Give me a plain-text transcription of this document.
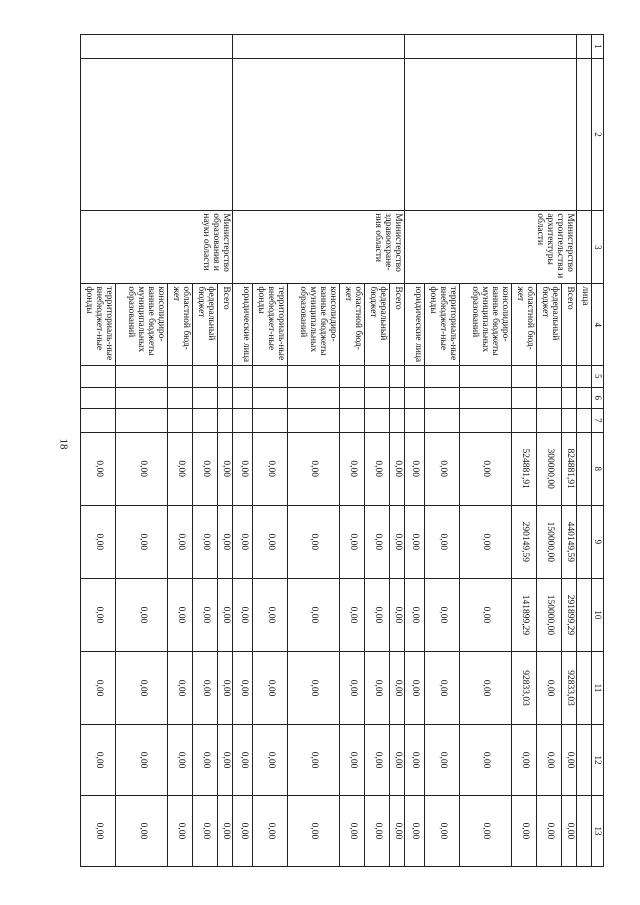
18
1	2	3	4	5	6	7	8	9	10	11	12	13
			лица									
		Министерство строительства и архитектуры области	Всего				824881,91	440149,59	291899,29	92833,03	0,00	0,00
			федеральный бюджет				300000,00	150000,00	150000,00	0,00	0,00	0,00
			областной бюд-жет				524881,91	290149,59	141899,29	92833,03	0,00	0,00
			консолидиро-ванные бюджеты муниципальных образований				0,00	0,00	0,00	0,00	0,00	0,00
			территориаль-ные внебюджет-ные фонды				0,00	0,00	0,00	0,00	0,00	0,00
			юридические лица				0,00	0,00	0,00	0,00	0,00	0,00
		Министерство здравоохране-ния области	Всего				0,00	0,00	0,00	0,00	0,00	0,00
			федеральный бюджет				0,00	0,00	0,00	0,00	0,00	0,00
			областной бюд-жет				0,00	0,00	0,00	0,00	0,00	0,00
			консолидиро-ванные бюджеты муниципальных образований				0,00	0,00	0,00	0,00	0,00	0,00
			территориаль-ные внебюджет-ные фонды				0,00	0,00	0,00	0,00	0,00	0,00
			юридические лица				0,00	0,00	0,00	0,00	0,00	0,00
		Министерство образования и науки области	Всего				0,00	0,00	0,00	0,00	0,00	0,00
			федеральный бюджет				0,00	0,00	0,00	0,00	0,00	0,00
			областной бюд-жет				0,00	0,00	0,00	0,00	0,00	0,00
			консолидиро-ванные бюджеты муниципальных образований				0,00	0,00	0,00	0,00	0,00	0,00
			территориаль-ные внебюджет-ные фонды				0,00	0,00	0,00	0,00	0,00	0,00
